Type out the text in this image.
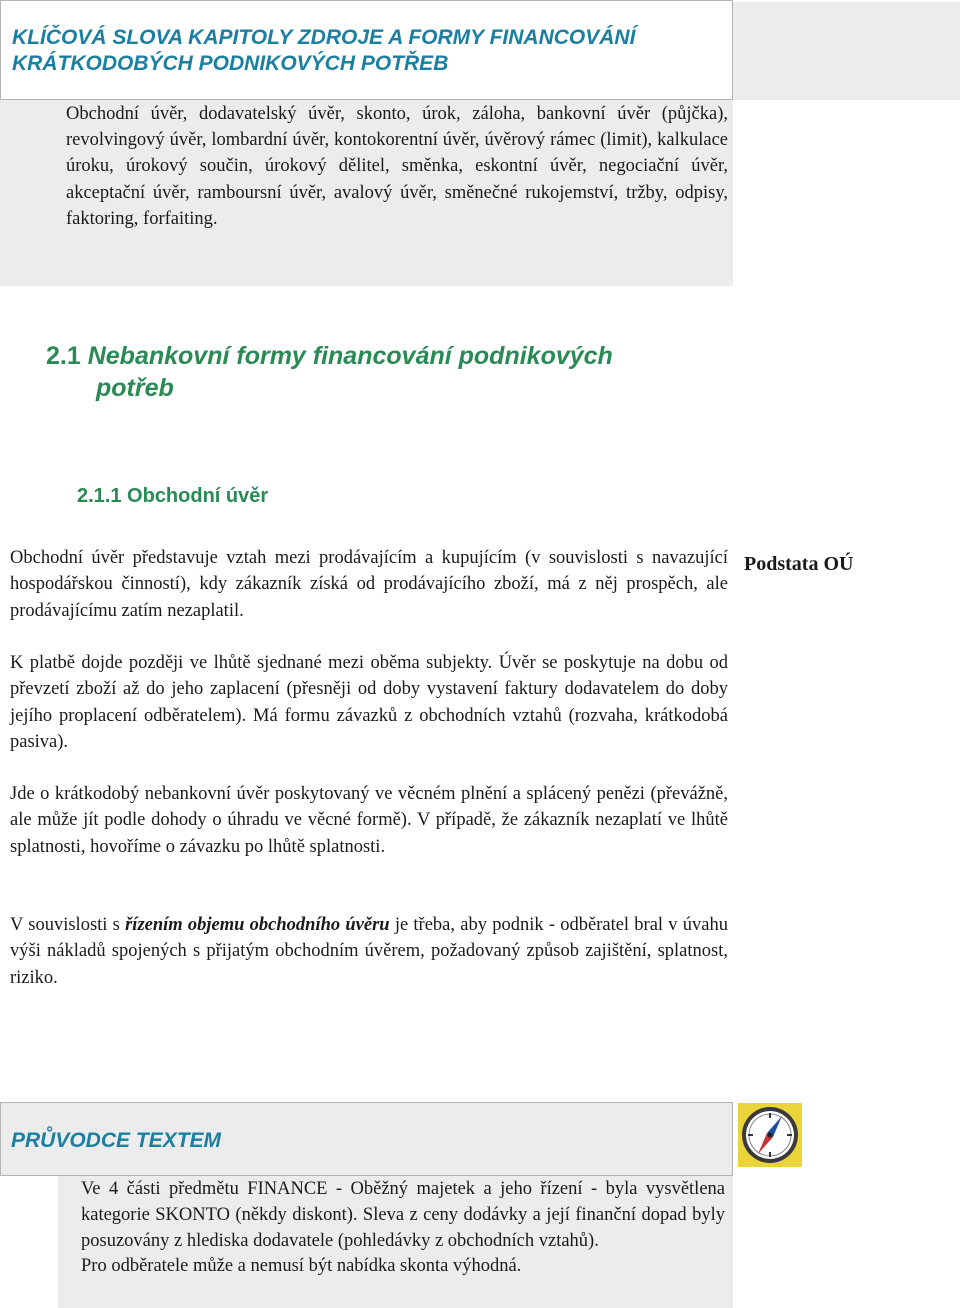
KLÍČOVÁ SLOVA KAPITOLY ZDROJE A FORMY FINANCOVÁNÍ
KRÁTKODOBÝCH PODNIKOVÝCH POTŘEB

Obchodní úvěr, dodavatelský úvěr, skonto, úrok, záloha, bankovní úvěr (půjčka), revolvingový úvěr, lombardní úvěr, kontokorentní úvěr, úvěrový rámec (limit), kalkulace úroku, úrokový součin, úrokový dělitel, směnka, eskontní úvěr, negociační úvěr, akceptační úvěr, ramboursní úvěr, avalový úvěr, směnečné rukojemství, tržby, odpisy, faktoring, forfaiting.

2.1 Nebankovní formy financování podnikových
potřeb
2.1.1 Obchodní úvěr

Obchodní úvěr představuje vztah mezi prodávajícím a kupujícím (v souvislosti s navazující hospodářskou činností), kdy zákazník získá od prodávajícího zboží, má z něj prospěch, ale prodávajícímu zatím nezaplatil.

Podstata OÚ

K platbě dojde později ve lhůtě sjednané mezi oběma subjekty. Úvěr se poskytuje na dobu od převzetí zboží až do jeho zaplacení (přesněji od doby vystavení faktury dodavatelem do doby jejího proplacení odběratelem). Má formu závazků z obchodních vztahů (rozvaha, krátkodobá pasiva).

Jde o krátkodobý nebankovní úvěr poskytovaný ve věcném plnění a splácený penězi (převážně, ale může jít podle dohody o úhradu ve věcné formě). V případě, že zákazník nezaplatí ve lhůtě splatnosti, hovoříme o závazku po lhůtě splatnosti.

V souvislosti s řízením objemu obchodního úvěru je třeba, aby podnik - odběratel bral v úvahu výši nákladů spojených s přijatým obchodním úvěrem, požadovaný způsob zajištění, splatnost, riziko.

PRŮVODCE TEXTEM

Ve 4 části předmětu FINANCE - Oběžný majetek a jeho řízení - byla vysvětlena kategorie SKONTO (někdy diskont). Sleva z ceny dodávky a její finanční dopad byly posuzovány z hlediska dodavatele (pohledávky z obchodních vztahů).
Pro odběratele může a nemusí být nabídka skonta výhodná.
